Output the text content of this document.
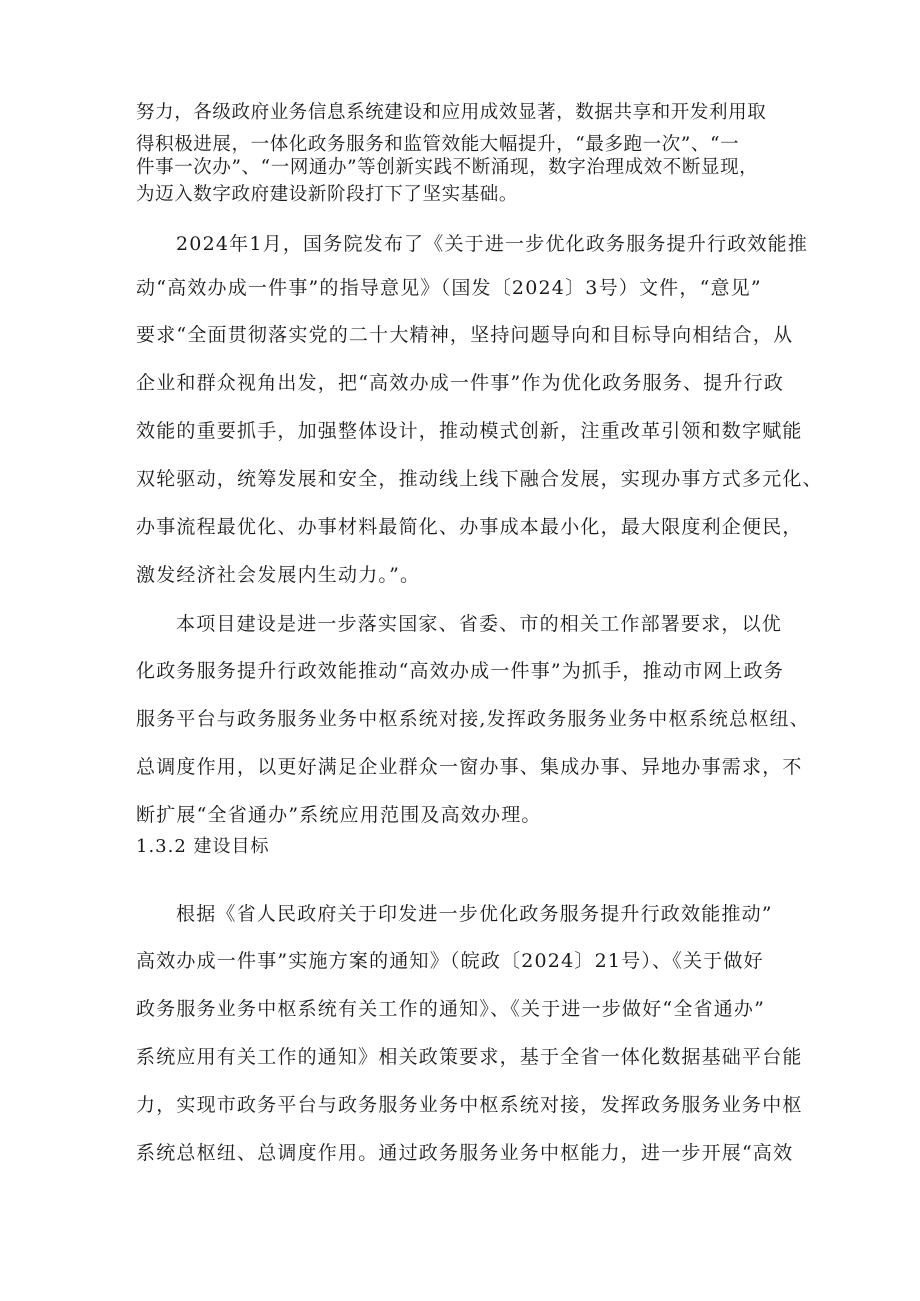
努力，各级政府业务信息系统建设和应用成效显著，数据共享和开发利用取
得积极进展，一体化政务服务和监管效能大幅提升，“最多跑一次”、“一
件事一次办”、“一网通办”等创新实践不断涌现，数字治理成效不断显现，
为迈入数字政府建设新阶段打下了坚实基础。
2024年1月，国务院发布了《关于进一步优化政务服务提升行政效能推
动“高效办成一件事”的指导意见》（国发〔2024〕3号）文件，“意见”
要求“全面贯彻落实党的二十大精神，坚持问题导向和目标导向相结合，从
企业和群众视角出发，把“高效办成一件事”作为优化政务服务、提升行政
效能的重要抓手，加强整体设计，推动模式创新，注重改革引领和数字赋能
双轮驱动，统筹发展和安全，推动线上线下融合发展，实现办事方式多元化、
办事流程最优化、办事材料最简化、办事成本最小化，最大限度利企便民，
激发经济社会发展内生动力。”。
本项目建设是进一步落实国家、省委、市的相关工作部署要求，以优
化政务服务提升行政效能推动“高效办成一件事”为抓手，推动市网上政务
服务平台与政务服务业务中枢系统对接,发挥政务服务业务中枢系统总枢纽、
总调度作用，以更好满足企业群众一窗办事、集成办事、异地办事需求，不
断扩展“全省通办”系统应用范围及高效办理。
1.3.2 建设目标
根据《省人民政府关于印发进一步优化政务服务提升行政效能推动”
高效办成一件事”实施方案的通知》（皖政〔2024〕21号）、《关于做好
政务服务业务中枢系统有关工作的通知》、《关于进一步做好“全省通办”
系统应用有关工作的通知》相关政策要求，基于全省一体化数据基础平台能
力，实现市政务平台与政务服务业务中枢系统对接，发挥政务服务业务中枢
系统总枢纽、总调度作用。通过政务服务业务中枢能力，进一步开展“高效
